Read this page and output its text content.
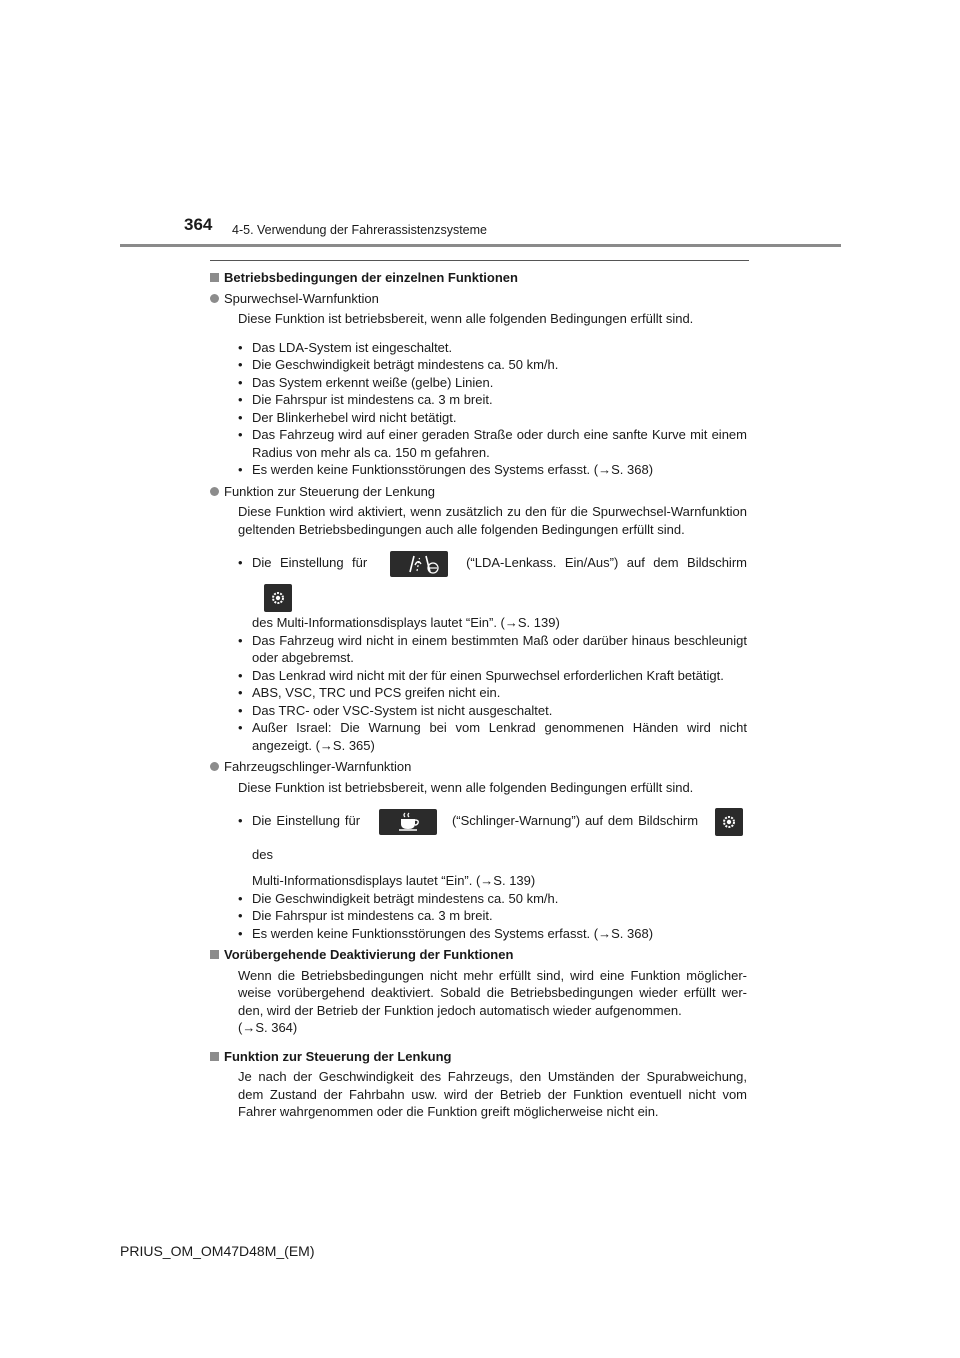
364 4-5. Verwendung der Fahrerassistenzsysteme
Betriebsbedingungen der einzelnen Funktionen
Spurwechsel-Warnfunktion

Diese Funktion ist betriebsbereit, wenn alle folgenden Bedingungen erfüllt sind.

• Das LDA-System ist eingeschaltet.
• Die Geschwindigkeit beträgt mindestens ca. 50 km/h.
• Das System erkennt weiße (gelbe) Linien.
• Die Fahrspur ist mindestens ca. 3 m breit.
• Der Blinkerhebel wird nicht betätigt.
• Das Fahrzeug wird auf einer geraden Straße oder durch eine sanfte Kurve mit einem Radius von mehr als ca. 150 m gefahren.
• Es werden keine Funktionsstörungen des Systems erfasst. (→S. 368)
Funktion zur Steuerung der Lenkung

Diese Funktion wird aktiviert, wenn zusätzlich zu den für die Spurwechsel-Warnfunktion geltenden Betriebsbedingungen auch alle folgenden Bedingungen erfüllt sind.

• Die Einstellung für	(“LDA-Lenkass. Ein/Aus”) auf dem Bildschirm

des Multi-Informationsdisplays lautet “Ein”. (→S. 139)
• Das Fahrzeug wird nicht in einem bestimmten Maß oder darüber hinaus beschleunigt oder abgebremst.
• Das Lenkrad wird nicht mit der für einen Spurwechsel erforderlichen Kraft betätigt.
• ABS, VSC, TRC und PCS greifen nicht ein.
• Das TRC- oder VSC-System ist nicht ausgeschaltet.
• Außer Israel: Die Warnung bei vom Lenkrad genommenen Händen wird nicht angezeigt. (→S. 365)
Fahrzeugschlinger-Warnfunktion

Diese Funktion ist betriebsbereit, wenn alle folgenden Bedingungen erfüllt sind.

• Die Einstellung für	(“Schlinger-Warnung”) auf dem Bildschirm
des
Multi-Informationsdisplays lautet “Ein”. (→S. 139)
• Die Geschwindigkeit beträgt mindestens ca. 50 km/h.
• Die Fahrspur ist mindestens ca. 3 m breit.
• Es werden keine Funktionsstörungen des Systems erfasst. (→S. 368)
Vorübergehende Deaktivierung der Funktionen

Wenn die Betriebsbedingungen nicht mehr erfüllt sind, wird eine Funktion möglicher-weise vorübergehend deaktiviert. Sobald die Betriebsbedingungen wieder erfüllt wer-den, wird der Betrieb der Funktion jedoch automatisch wieder aufgenommen.

(→S. 364)

Funktion zur Steuerung der Lenkung

Je nach der Geschwindigkeit des Fahrzeugs, den Umständen der Spurabweichung, dem Zustand der Fahrbahn usw. wird der Betrieb der Funktion eventuell nicht vom Fahrer wahrgenommen oder die Funktion greift möglicherweise nicht ein.

PRIUS_OM_OM47D48M_(EM)
